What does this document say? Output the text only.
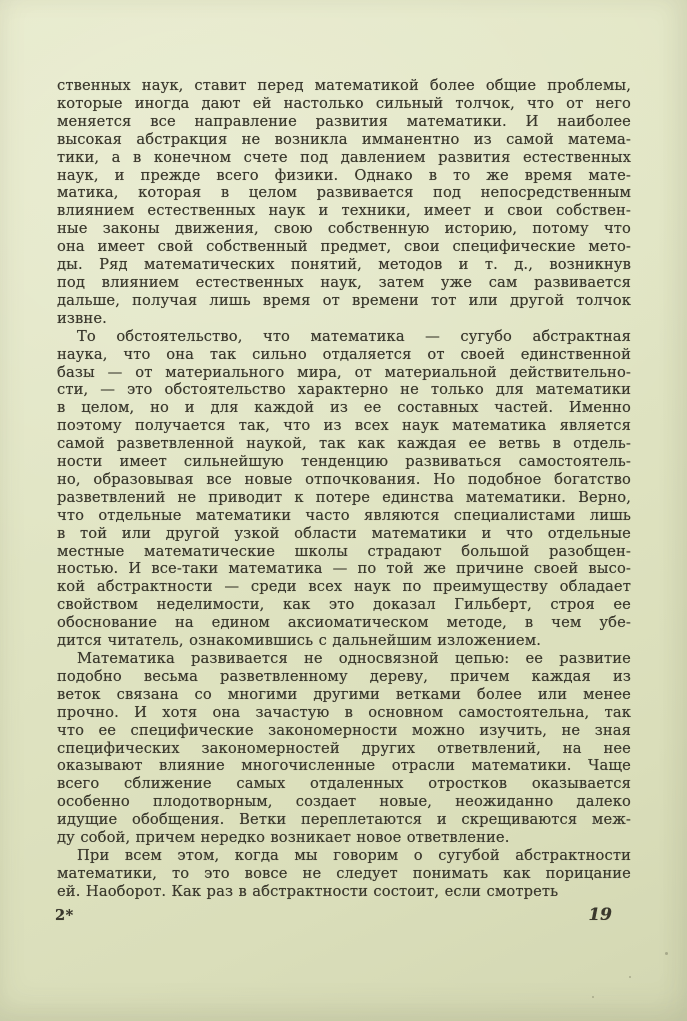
ственных наук, ставит перед математикой более общие проблемы,
которые иногда дают ей настолько сильный толчок, что от него
меняется все направление развития математики. И наиболее
высокая абстракция не возникла имманентно из самой матема-
тики, а в конечном счете под давлением развития естественных
наук, и прежде всего физики. Однако в то же время мате-
матика, которая в целом развивается под непосредственным
влиянием естественных наук и техники, имеет и свои собствен-
ные законы движения, свою собственную историю, потому что
она имеет свой собственный предмет, свои специфические мето-
ды. Ряд математических понятий, методов и т. д., возникнув
под влиянием естественных наук, затем уже сам развивается
дальше, получая лишь время от времени тот или другой толчок
извне.
То обстоятельство, что математика — сугубо абстрактная
наука, что она так сильно отдаляется от своей единственной
базы — от материального мира, от материальной действительно-
сти, — это обстоятельство характерно не только для математики
в целом, но и для каждой из ее составных частей. Именно
поэтому получается так, что из всех наук математика является
самой разветвленной наукой, так как каждая ее ветвь в отдель-
ности имеет сильнейшую тенденцию развиваться самостоятель-
но, образовывая все новые отпочкования. Но подобное богатство
разветвлений не приводит к потере единства математики. Верно,
что отдельные математики часто являются специалистами лишь
в той или другой узкой области математики и что отдельные
местные математические школы страдают большой разобщен-
ностью. И все-таки математика — по той же причине своей высо-
кой абстрактности — среди всех наук по преимуществу обладает
свойством неделимости, как это доказал Гильберт, строя ее
обоснование на едином аксиоматическом методе, в чем убе-
дится читатель, ознакомившись с дальнейшим изложением.
Математика развивается не односвязной цепью: ее развитие
подобно весьма разветвленному дереву, причем каждая из
веток связана со многими другими ветками более или менее
прочно. И хотя она зачастую в основном самостоятельна, так
что ее специфические закономерности можно изучить, не зная
специфических закономерностей других ответвлений, на нее
оказывают влияние многочисленные отрасли математики. Чаще
всего сближение самых отдаленных отростков оказывается
особенно плодотворным, создает новые, неожиданно далеко
идущие обобщения. Ветки переплетаются и скрещиваются меж-
ду собой, причем нередко возникает новое ответвление.
При всем этом, когда мы говорим о сугубой абстрактности
математики, то это вовсе не следует понимать как порицание
ей. Наоборот. Как раз в абстрактности состоит, если смотреть
2*	19
